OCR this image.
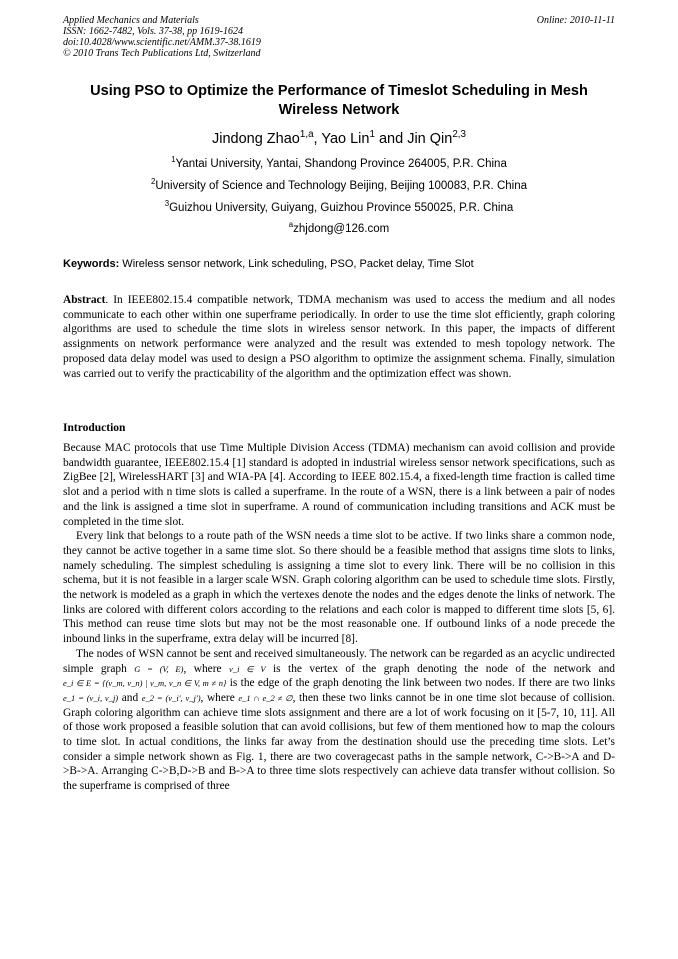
Applied Mechanics and Materials
ISSN: 1662-7482, Vols. 37-38, pp 1619-1624
doi:10.4028/www.scientific.net/AMM.37-38.1619
© 2010 Trans Tech Publications Ltd, Switzerland
Online: 2010-11-11
Using PSO to Optimize the Performance of Timeslot Scheduling in Mesh Wireless Network
Jindong Zhao$^{1,a}$, Yao Lin$^1$ and Jin Qin$^{2,3}$
$^1$Yantai University, Yantai, Shandong Province 264005, P.R. China
$^2$University of Science and Technology Beijing, Beijing 100083, P.R. China
$^3$Guizhou University, Guiyang, Guizhou Province 550025, P.R. China
$^a$zhjdong@126.com
Keywords: Wireless sensor network, Link scheduling, PSO, Packet delay, Time Slot
Abstract. In IEEE802.15.4 compatible network, TDMA mechanism was used to access the medium and all nodes communicate to each other within one superframe periodically. In order to use the time slot efficiently, graph coloring algorithms are used to schedule the time slots in wireless sensor network. In this paper, the impacts of different assignments on network performance were analyzed and the result was extended to mesh topology network. The proposed data delay model was used to design a PSO algorithm to optimize the assignment schema. Finally, simulation was carried out to verify the practicability of the algorithm and the optimization effect was shown.
Introduction

Because MAC protocols that use Time Multiple Division Access (TDMA) mechanism can avoid collision and provide bandwidth guarantee, IEEE802.15.4 [1] standard is adopted in industrial wireless sensor network specifications, such as ZigBee [2], WirelessHART [3] and WIA-PA [4]. According to IEEE 802.15.4, a fixed-length time fraction is called time slot and a period with n time slots is called a superframe. In the route of a WSN, there is a link between a pair of nodes and the link is assigned a time slot in superframe. A round of communication including transitions and ACK must be completed in the time slot.

Every link that belongs to a route path of the WSN needs a time slot to be active. If two links share a common node, they cannot be active together in a same time slot. So there should be a feasible method that assigns time slots to links, namely scheduling. The simplest scheduling is assigning a time slot to every link. There will be no collision in this schema, but it is not feasible in a larger scale WSN. Graph coloring algorithm can be used to schedule time slots. Firstly, the network is modeled as a graph in which the vertexes denote the nodes and the edges denote the links of network. The links are colored with different colors according to the relations and each color is mapped to different time slots [5, 6]. This method can reuse time slots but may not be the most reasonable one. If outbound links of a node precede the inbound links in the superframe, extra delay will be incurred [8].

The nodes of WSN cannot be sent and received simultaneously. The network can be regarded as an acyclic undirected simple graph G = (V, E), where v_i ∈ V is the vertex of the graph denoting the node of the network and e_i ∈ E = {(v_m, v_n) | v_m, v_n ∈ V, m ≠ n} is the edge of the graph denoting the link between two nodes. If there are two links e_1 = (v_i, v_j) and e_2 = (v_i', v_j'), where e_1 ∩ e_2 ≠ ∅, then these two links cannot be in one time slot because of collision. Graph coloring algorithm can achieve time slots assignment and there are a lot of work focusing on it [5-7, 10, 11]. All of those work proposed a feasible solution that can avoid collisions, but few of them mentioned how to map the colours to time slot. In actual conditions, the links far away from the destination should use the preceding time slots. Let’s consider a simple network shown as Fig. 1, there are two coveragecast paths in the sample network, C->B->A and D->B->A. Arranging C->B,D->B and B->A to three time slots respectively can achieve data transfer without collision. So the superframe is comprised of three
